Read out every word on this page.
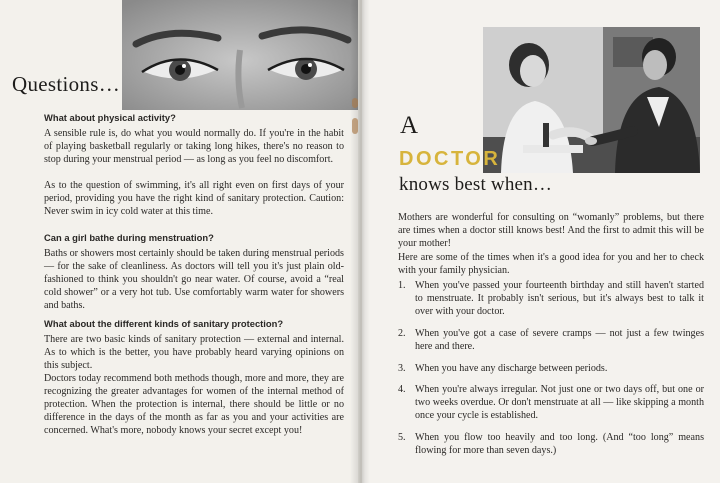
Questions…

What about physical activity?

A sensible rule is, do what you would normally do. If you're in the habit of playing basketball regularly or taking long hikes, there's no reason to stop during your menstrual period — as long as you feel no discomfort.

As to the question of swimming, it's all right even on first days of your period, providing you have the right kind of sanitary protection. Caution: Never swim in icy cold water at this time.

Can a girl bathe during menstruation?

Baths or showers most certainly should be taken during menstrual periods — for the sake of cleanliness. As doctors will tell you it's just plain old-fashioned to think you shouldn't go near water. Of course, avoid a “real cold shower” or a very hot tub. Use comfortably warm water for showers and baths.

What about the different kinds of sanitary protection?

There are two basic kinds of sanitary protection — external and internal. As to which is the better, you have probably heard varying opinions on this subject.

Doctors today recommend both methods though, more and more, they are recognizing the greater advantages for women of the internal method of protection. When the protection is internal, there should be little or no difference in the days of the month as far as you and your activities are concerned. What's more, nobody knows your secret except you!

A
DOCTOR
knows best when…

Mothers are wonderful for consulting on “womanly” problems, but there are times when a doctor still knows best! And the first to admit this will be your mother!

Here are some of the times when it's a good idea for you and her to check with your family physician.

1. When you've passed your fourteenth birthday and still haven't started to menstruate. It probably isn't serious, but it's always best to talk it over with your doctor.
2. When you've got a case of severe cramps — not just a few twinges here and there.
3. When you have any discharge between periods.
4. When you're always irregular. Not just one or two days off, but one or two weeks overdue. Or don't menstruate at all — like skipping a month once your cycle is established.
5. When you flow too heavily and too long. (And “too long” means flowing for more than seven days.)
